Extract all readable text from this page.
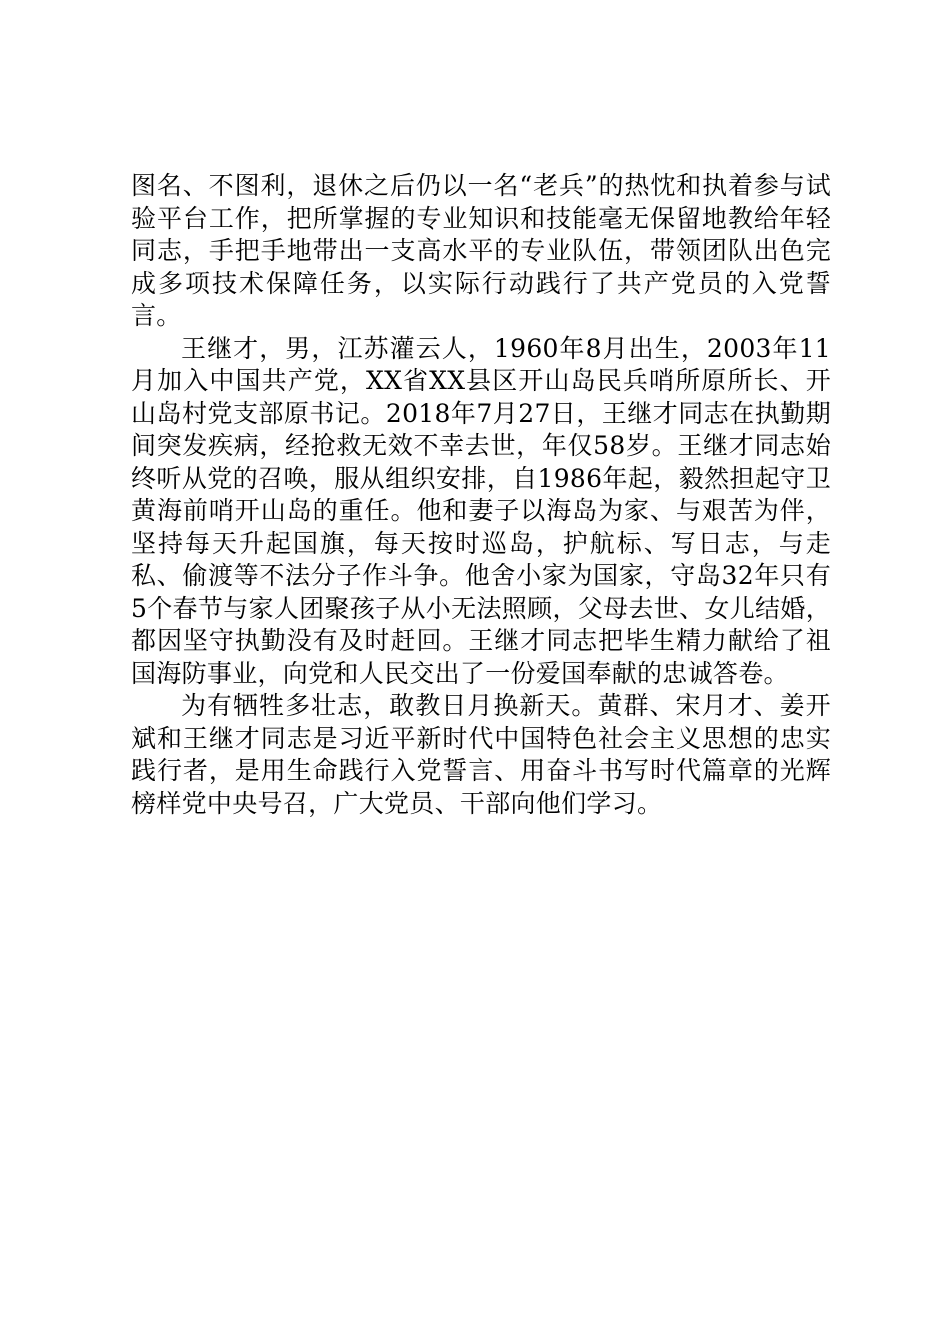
图名、不图利，退休之后仍以一名“老兵”的热忱和执着参与试验平台工作，把所掌握的专业知识和技能毫无保留地教给年轻同志，手把手地带出一支高水平的专业队伍，带领团队出色完成多项技术保障任务，以实际行动践行了共产党员的入党誓言。

王继才，男，江苏灌云人，1960年8月出生，2003年11月加入中国共产党，XX省XX县区开山岛民兵哨所原所长、开山岛村党支部原书记。2018年7月27日，王继才同志在执勤期间突发疾病，经抢救无效不幸去世，年仅58岁。王继才同志始终听从党的召唤，服从组织安排，自1986年起，毅然担起守卫黄海前哨开山岛的重任。他和妻子以海岛为家、与艰苦为伴，坚持每天升起国旗，每天按时巡岛，护航标、写日志，与走私、偷渡等不法分子作斗争。他舍小家为国家，守岛32年只有5个春节与家人团聚孩子从小无法照顾，父母去世、女儿结婚，都因坚守执勤没有及时赶回。王继才同志把毕生精力献给了祖国海防事业，向党和人民交出了一份爱国奉献的忠诚答卷。

为有牺牲多壮志，敢教日月换新天。黄群、宋月才、姜开斌和王继才同志是习近平新时代中国特色社会主义思想的忠实践行者，是用生命践行入党誓言、用奋斗书写时代篇章的光辉榜样党中央号召，广大党员、干部向他们学习。
